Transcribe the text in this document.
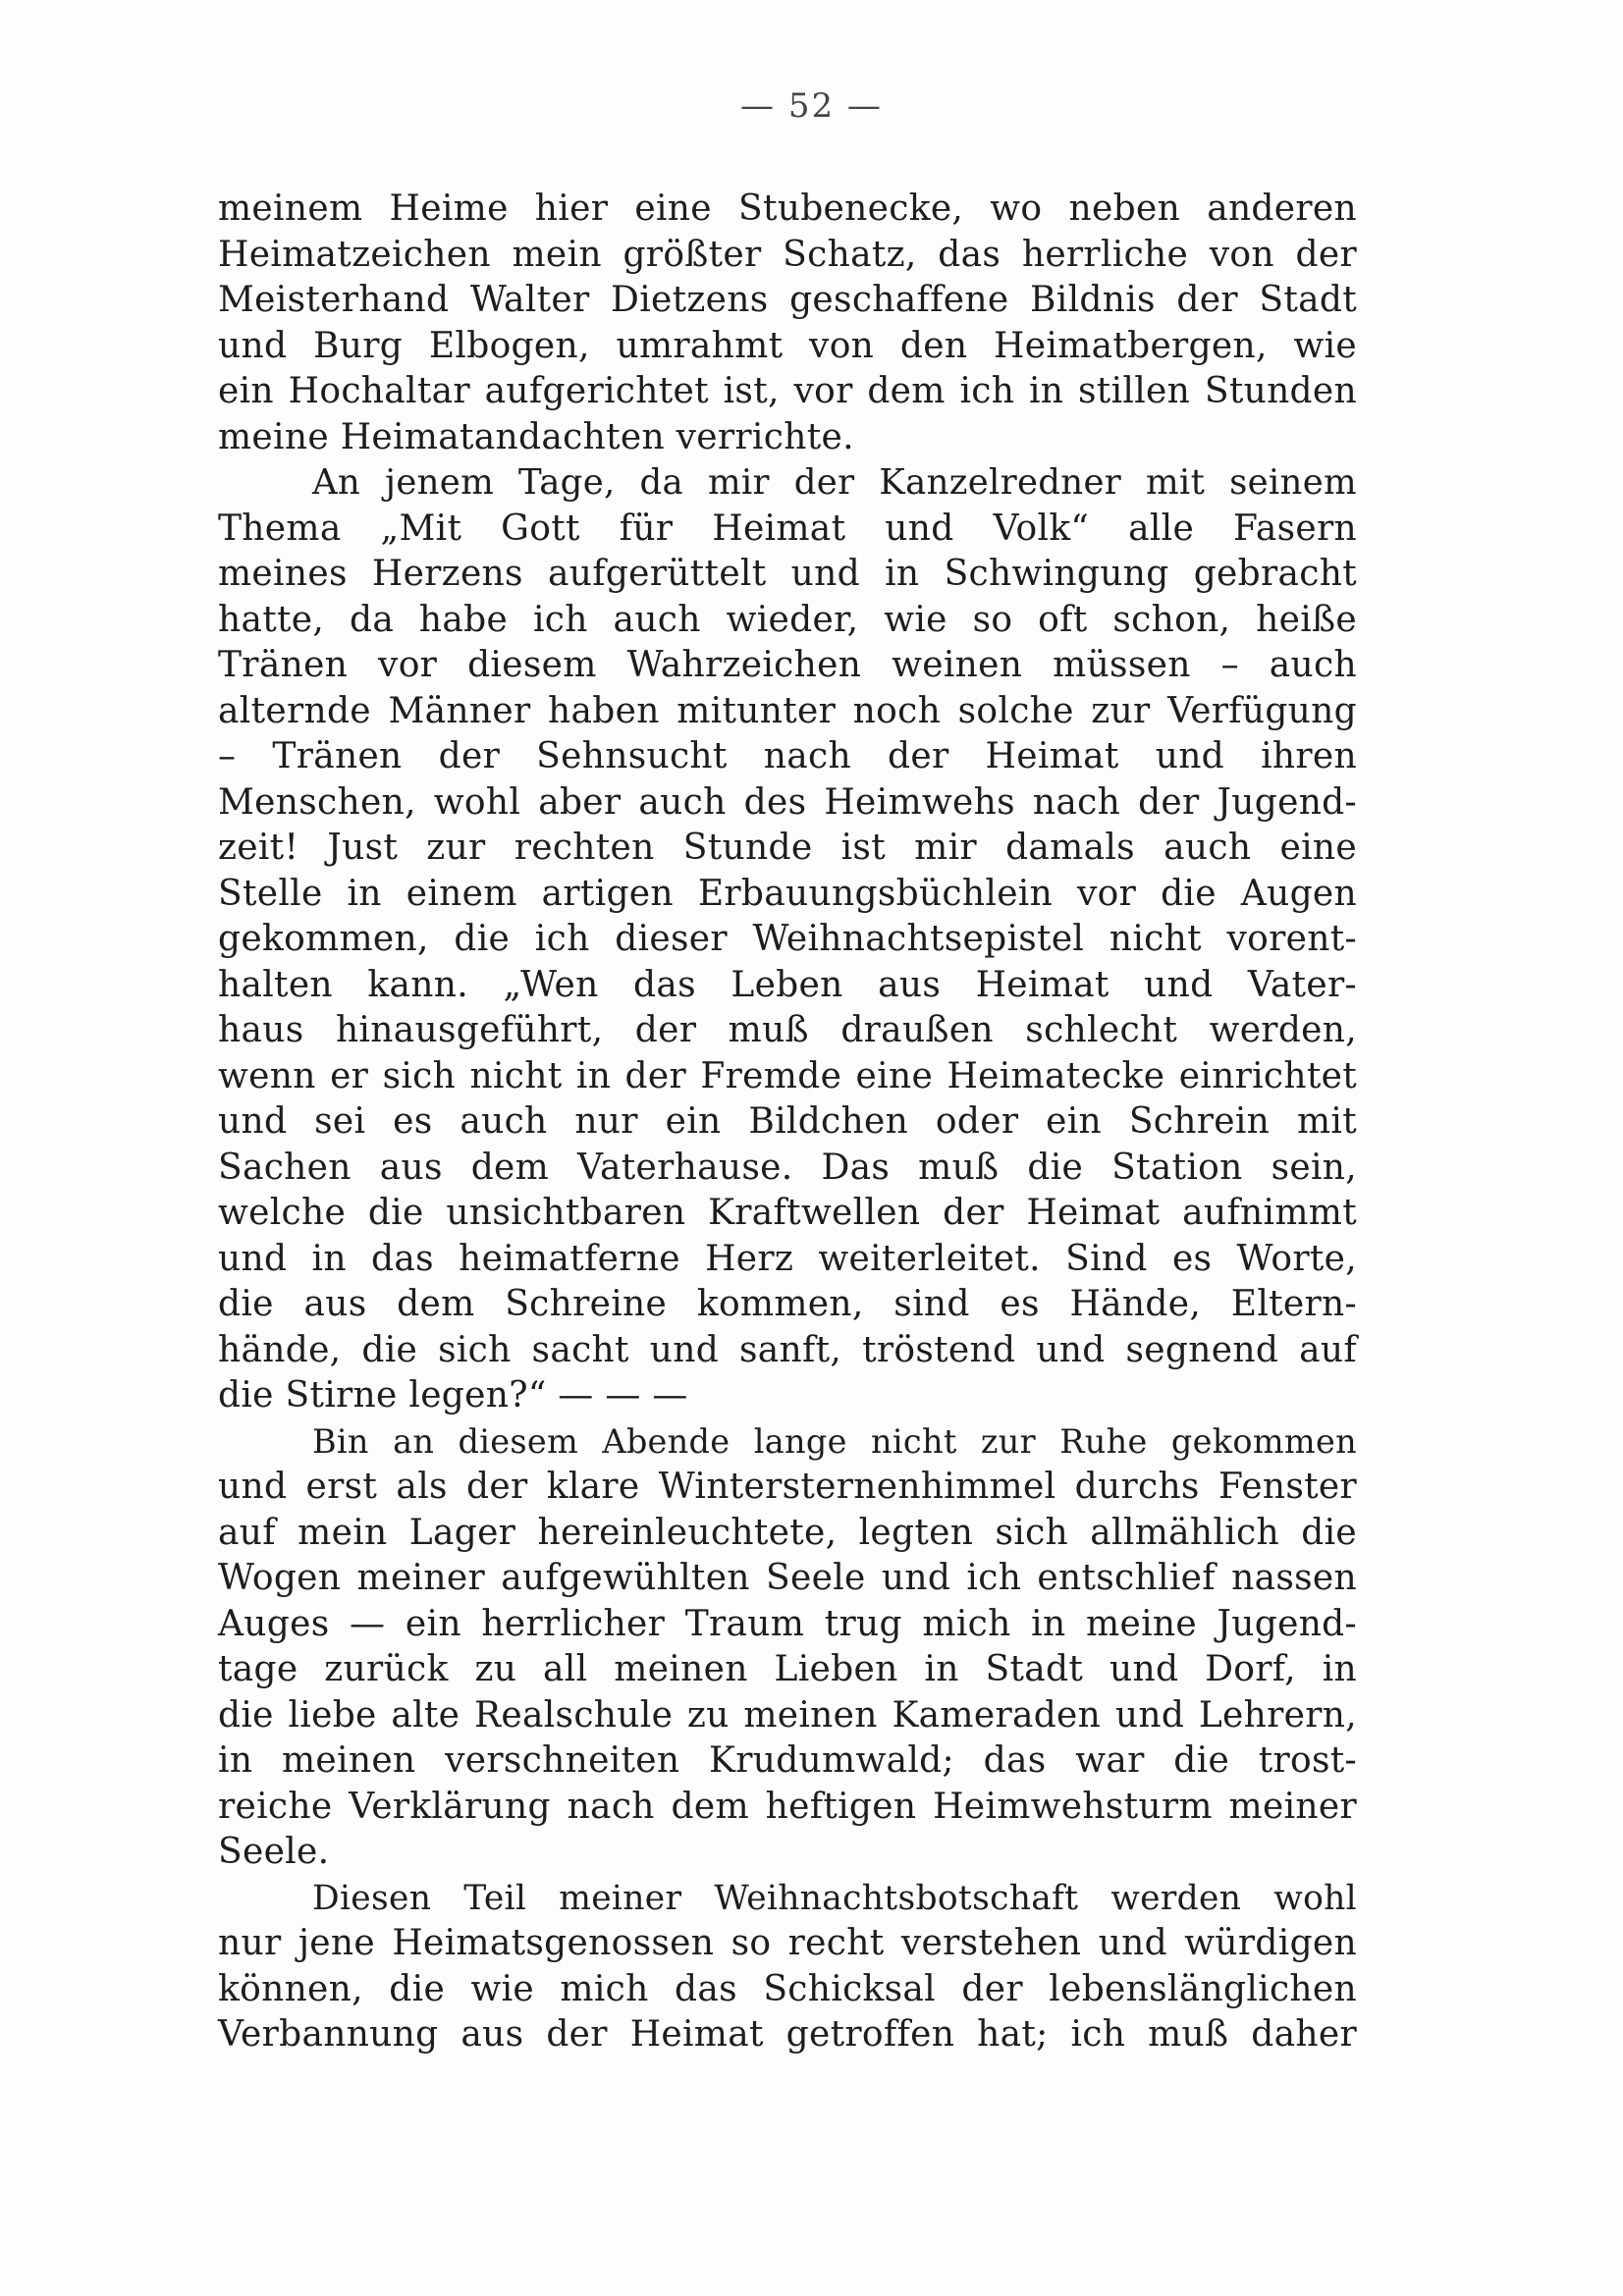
— 52 —
meinem Heime hier eine Stubenecke, wo neben anderen
Heimatzeichen mein größter Schatz, das herrliche von der
Meisterhand Walter Dietzens geschaffene Bildnis der Stadt
und Burg Elbogen, umrahmt von den Heimatbergen, wie
ein Hochaltar aufgerichtet ist, vor dem ich in stillen Stunden
meine Heimatandachten verrichte.
An jenem Tage, da mir der Kanzelredner mit seinem
Thema „Mit Gott für Heimat und Volk“ alle Fasern
meines Herzens aufgerüttelt und in Schwingung gebracht
hatte, da habe ich auch wieder, wie so oft schon, heiße
Tränen vor diesem Wahrzeichen weinen müssen – auch
alternde Männer haben mitunter noch solche zur Verfügung
– Tränen der Sehnsucht nach der Heimat und ihren
Menschen, wohl aber auch des Heimwehs nach der Jugend-
zeit! Just zur rechten Stunde ist mir damals auch eine
Stelle in einem artigen Erbauungsbüchlein vor die Augen
gekommen, die ich dieser Weihnachtsepistel nicht vorent-
halten kann. „Wen das Leben aus Heimat und Vater-
haus hinausgeführt, der muß draußen schlecht werden,
wenn er sich nicht in der Fremde eine Heimatecke einrichtet
und sei es auch nur ein Bildchen oder ein Schrein mit
Sachen aus dem Vaterhause. Das muß die Station sein,
welche die unsichtbaren Kraftwellen der Heimat aufnimmt
und in das heimatferne Herz weiterleitet. Sind es Worte,
die aus dem Schreine kommen, sind es Hände, Eltern-
hände, die sich sacht und sanft, tröstend und segnend auf
die Stirne legen?“ — — —
Bin an diesem Abende lange nicht zur Ruhe gekommen
und erst als der klare Wintersternenhimmel durchs Fenster
auf mein Lager hereinleuchtete, legten sich allmählich die
Wogen meiner aufgewühlten Seele und ich entschlief nassen
Auges — ein herrlicher Traum trug mich in meine Jugend-
tage zurück zu all meinen Lieben in Stadt und Dorf, in
die liebe alte Realschule zu meinen Kameraden und Lehrern,
in meinen verschneiten Krudumwald; das war die trost-
reiche Verklärung nach dem heftigen Heimwehsturm meiner
Seele.
Diesen Teil meiner Weihnachtsbotschaft werden wohl
nur jene Heimatsgenossen so recht verstehen und würdigen
können, die wie mich das Schicksal der lebenslänglichen
Verbannung aus der Heimat getroffen hat; ich muß daher
